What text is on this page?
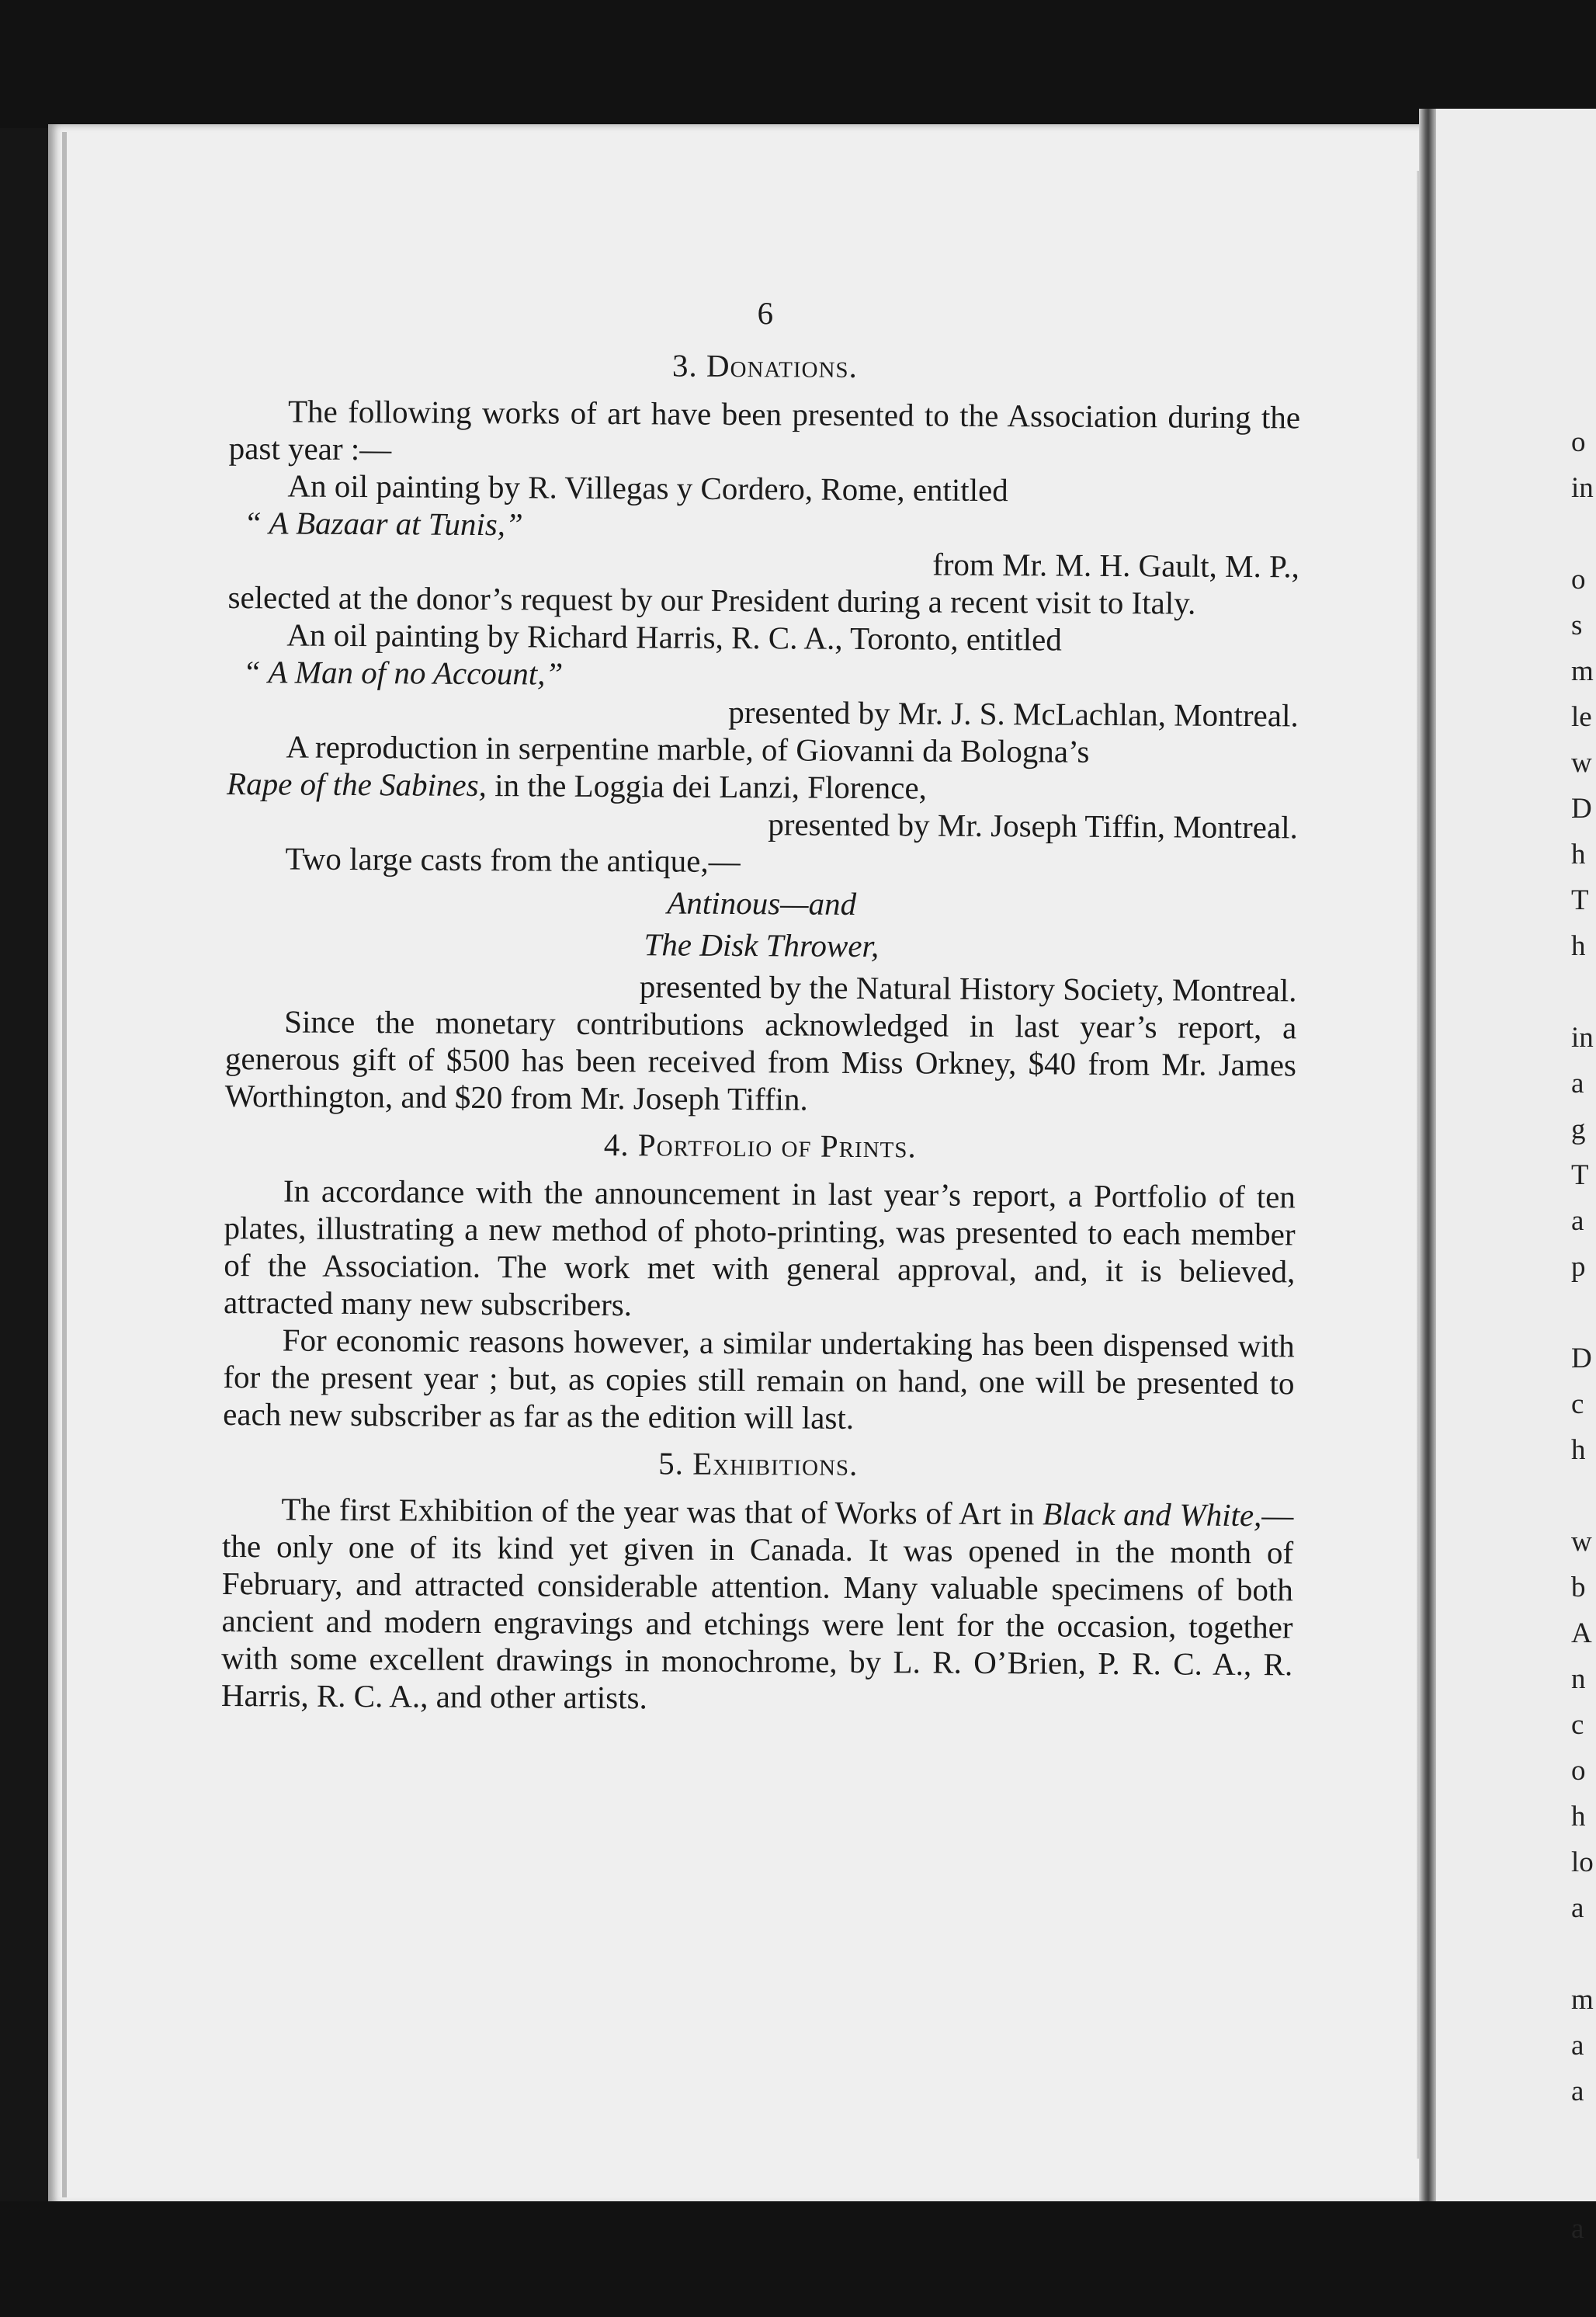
6
3. Donations.

The following works of art have been presented to the Association during the past year :—

An oil painting by R. Villegas y Cordero, Rome, entitled

“ A Bazaar at Tunis,”

from Mr. M. H. Gault, M. P.,

selected at the donor’s request by our President during a recent visit to Italy.

An oil painting by Richard Harris, R. C. A., Toronto, entitled

“ A Man of no Account,”

presented by Mr. J. S. McLachlan, Montreal.

A reproduction in serpentine marble, of Giovanni da Bologna’s

Rape of the Sabines, in the Loggia dei Lanzi, Florence,

presented by Mr. Joseph Tiffin, Montreal.

Two large casts from the antique,—

Antinous—and

The Disk Thrower,

presented by the Natural History Society, Montreal.

Since the monetary contributions acknowledged in last year’s report, a generous gift of $500 has been received from Miss Orkney, $40 from Mr. James Worthington, and $20 from Mr. Joseph Tiffin.

4. Portfolio of Prints.

In accordance with the announcement in last year’s report, a Portfolio of ten plates, illustrating a new method of photo-printing, was presented to each member of the Association. The work met with general approval, and, it is believed, attracted many new subscribers.

For economic reasons however, a similar undertaking has been dispensed with for the present year ; but, as copies still remain on hand, one will be presented to each new subscriber as far as the edition will last.

5. Exhibitions.

The first Exhibition of the year was that of Works of Art in Black and White,—the only one of its kind yet given in Canada. It was opened in the month of February, and attracted considerable attention. Many valuable specimens of both ancient and modern engravings and etchings were lent for the occasion, together with some excellent drawings in monochrome, by L. R. O’Brien, P. R. C. A., R. Harris, R. C. A., and other artists.

o
in

o
s
m
le
w
D
h
T
h

in
a
g
T
a
p

D
c
h

w
b
A
n
c
o
h
lo
a

m
a
a

a
